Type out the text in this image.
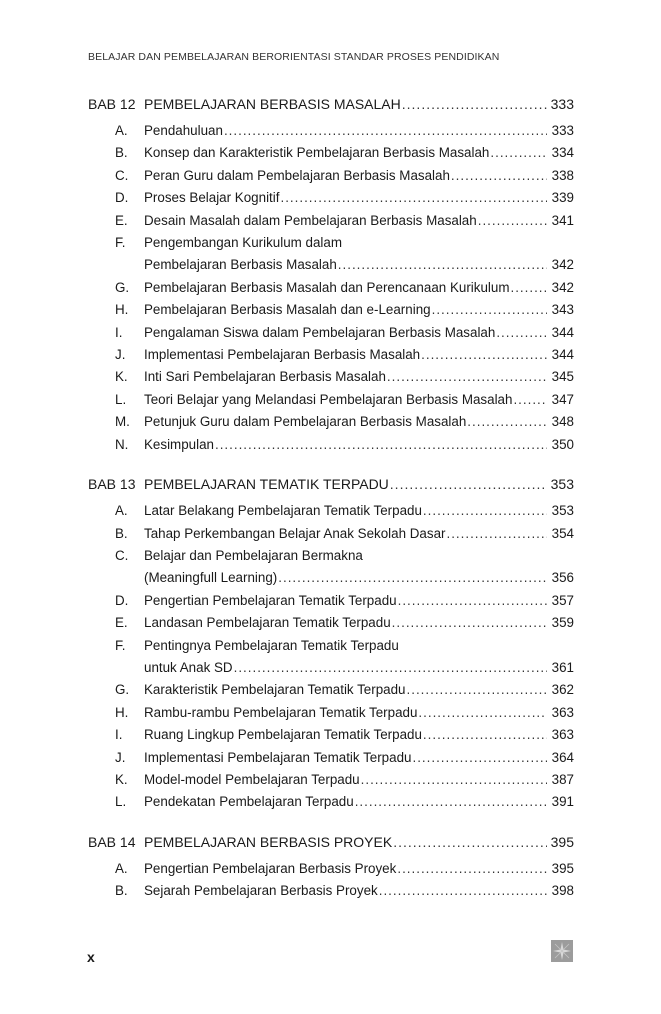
BELAJAR DAN PEMBELAJARAN BERORIENTASI STANDAR PROSES PENDIDIKAN
BAB 12 PEMBELAJARAN BERBASIS MASALAH .....	333
A.	Pendahuluan .....	333
B.	Konsep dan Karakteristik Pembelajaran Berbasis Masalah .....	334
C.	Peran Guru dalam Pembelajaran Berbasis Masalah .....	338
D.	Proses Belajar Kognitif .....	339
E.	Desain Masalah dalam Pembelajaran Berbasis Masalah .....	341
F.	Pengembangan Kurikulum dalam
Pembelajaran Berbasis Masalah .....	342
G.	Pembelajaran Berbasis Masalah dan Perencanaan Kurikulum .....	342
H.	Pembelajaran Berbasis Masalah dan e-Learning .....	343
I.	Pengalaman Siswa dalam Pembelajaran Berbasis Masalah .....	344
J.	Implementasi Pembelajaran Berbasis Masalah .....	344
K.	Inti Sari Pembelajaran Berbasis Masalah .....	345
L.	Teori Belajar yang Melandasi Pembelajaran Berbasis Masalah .....	347
M.	Petunjuk Guru dalam Pembelajaran Berbasis Masalah .....	348
N.	Kesimpulan .....	350
BAB 13 PEMBELAJARAN TEMATIK TERPADU .....	353
A.	Latar Belakang Pembelajaran Tematik Terpadu .....	353
B.	Tahap Perkembangan Belajar Anak Sekolah Dasar .....	354
C.	Belajar dan Pembelajaran Bermakna
(Meaningfull Learning) .....	356
D.	Pengertian Pembelajaran Tematik Terpadu .....	357
E.	Landasan Pembelajaran Tematik Terpadu .....	359
F.	Pentingnya Pembelajaran Tematik Terpadu
untuk Anak SD .....	361
G.	Karakteristik Pembelajaran Tematik Terpadu .....	362
H.	Rambu-rambu Pembelajaran Tematik Terpadu .....	363
I.	Ruang Lingkup Pembelajaran Tematik Terpadu .....	363
J.	Implementasi Pembelajaran Tematik Terpadu .....	364
K.	Model-model Pembelajaran Terpadu .....	387
L.	Pendekatan Pembelajaran Terpadu .....	391
BAB 14 PEMBELAJARAN BERBASIS PROYEK .....	395
A.	Pengertian Pembelajaran Berbasis Proyek .....	395
B.	Sejarah Pembelajaran Berbasis Proyek .....	398
x
